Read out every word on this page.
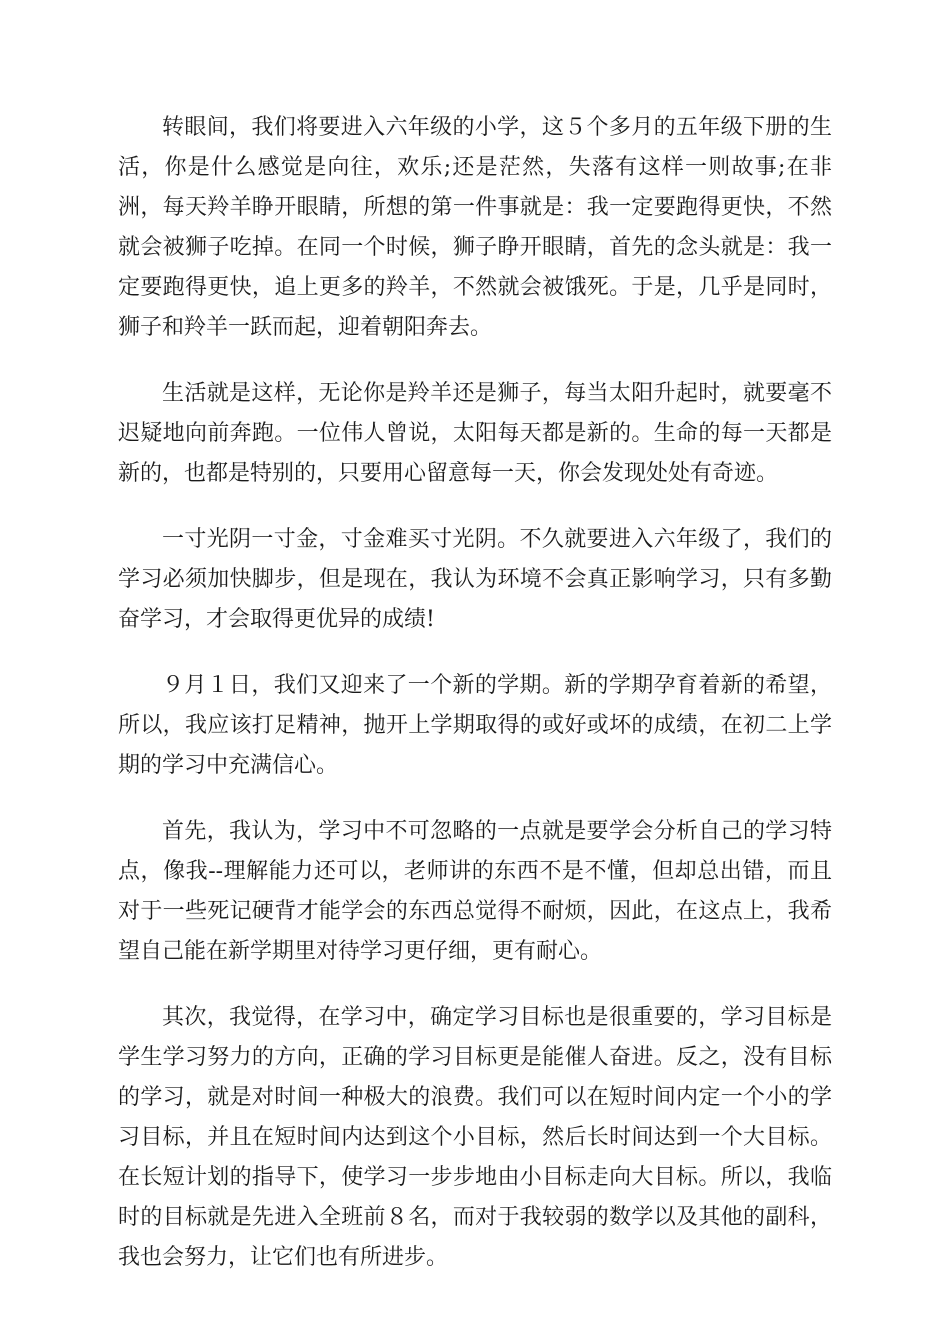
转眼间，我们将要进入六年级的小学，这５个多月的五年级下册的生活，你是什么感觉是向往，欢乐;还是茫然，失落有这样一则故事;在非洲，每天羚羊睁开眼睛，所想的第一件事就是：我一定要跑得更快，不然就会被狮子吃掉。在同一个时候，狮子睁开眼睛，首先的念头就是：我一定要跑得更快，追上更多的羚羊，不然就会被饿死。于是，几乎是同时，狮子和羚羊一跃而起，迎着朝阳奔去。

生活就是这样，无论你是羚羊还是狮子，每当太阳升起时，就要毫不迟疑地向前奔跑。一位伟人曾说，太阳每天都是新的。生命的每一天都是新的，也都是特别的，只要用心留意每一天，你会发现处处有奇迹。

一寸光阴一寸金，寸金难买寸光阴。不久就要进入六年级了，我们的学习必须加快脚步，但是现在，我认为环境不会真正影响学习，只有多勤奋学习，才会取得更优异的成绩!

９月１日，我们又迎来了一个新的学期。新的学期孕育着新的希望，所以，我应该打足精神，抛开上学期取得的或好或坏的成绩，在初二上学期的学习中充满信心。

首先，我认为，学习中不可忽略的一点就是要学会分析自己的学习特点，像我--理解能力还可以，老师讲的东西不是不懂，但却总出错，而且对于一些死记硬背才能学会的东西总觉得不耐烦，因此，在这点上，我希望自己能在新学期里对待学习更仔细，更有耐心。

其次，我觉得，在学习中，确定学习目标也是很重要的，学习目标是学生学习努力的方向，正确的学习目标更是能催人奋进。反之，没有目标的学习，就是对时间一种极大的浪费。我们可以在短时间内定一个小的学习目标，并且在短时间内达到这个小目标，然后长时间达到一个大目标。在长短计划的指导下，使学习一步步地由小目标走向大目标。所以，我临时的目标就是先进入全班前８名，而对于我较弱的数学以及其他的副科，我也会努力，让它们也有所进步。
